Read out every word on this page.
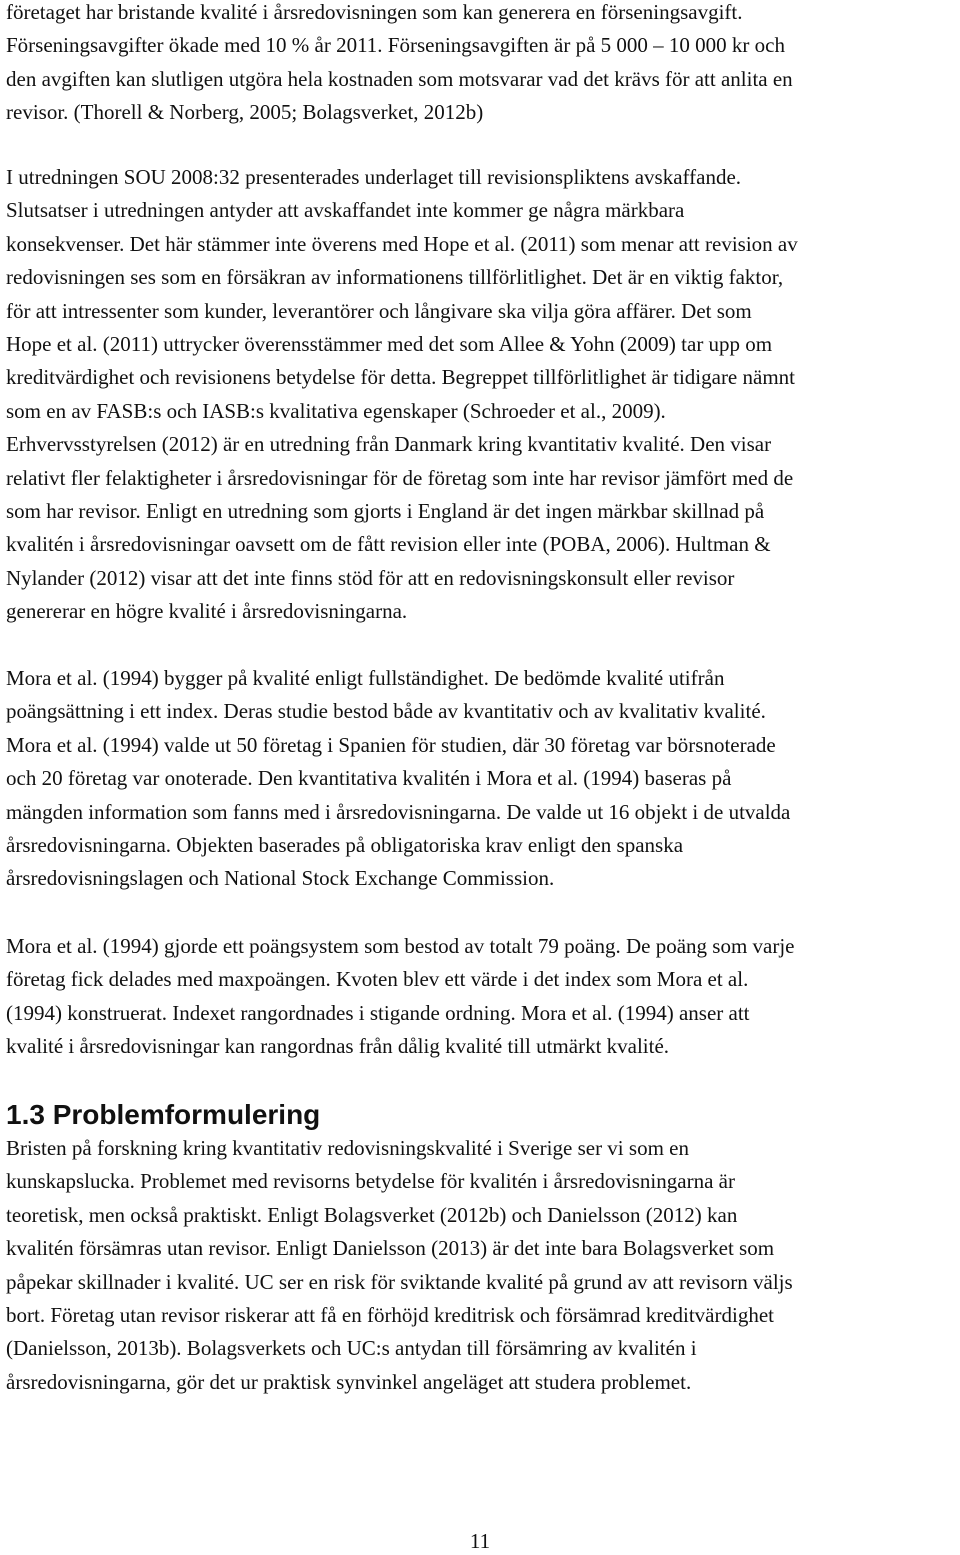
företaget har bristande kvalité i årsredovisningen som kan generera en förseningsavgift.
Förseningsavgifter ökade med 10 % år 2011. Förseningsavgiften är på 5 000 – 10 000 kr och
den avgiften kan slutligen utgöra hela kostnaden som motsvarar vad det krävs för att anlita en
revisor. (Thorell & Norberg, 2005; Bolagsverket, 2012b)

I utredningen SOU 2008:32 presenterades underlaget till revisionspliktens avskaffande.
Slutsatser i utredningen antyder att avskaffandet inte kommer ge några märkbara
konsekvenser. Det här stämmer inte överens med Hope et al. (2011) som menar att revision av
redovisningen ses som en försäkran av informationens tillförlitlighet. Det är en viktig faktor,
för att intressenter som kunder, leverantörer och långivare ska vilja göra affärer. Det som
Hope et al. (2011) uttrycker överensstämmer med det som Allee & Yohn (2009) tar upp om
kreditvärdighet och revisionens betydelse för detta. Begreppet tillförlitlighet är tidigare nämnt
som en av FASB:s och IASB:s kvalitativa egenskaper (Schroeder et al., 2009).
Erhvervsstyrelsen (2012) är en utredning från Danmark kring kvantitativ kvalité. Den visar
relativt fler felaktigheter i årsredovisningar för de företag som inte har revisor jämfört med de
som har revisor. Enligt en utredning som gjorts i England är det ingen märkbar skillnad på
kvalitén i årsredovisningar oavsett om de fått revision eller inte (POBA, 2006). Hultman &
Nylander (2012) visar att det inte finns stöd för att en redovisningskonsult eller revisor
genererar en högre kvalité i årsredovisningarna.

Mora et al. (1994) bygger på kvalité enligt fullständighet. De bedömde kvalité utifrån
poängsättning i ett index. Deras studie bestod både av kvantitativ och av kvalitativ kvalité.
Mora et al. (1994) valde ut 50 företag i Spanien för studien, där 30 företag var börsnoterade
och 20 företag var onoterade. Den kvantitativa kvalitén i Mora et al. (1994) baseras på
mängden information som fanns med i årsredovisningarna. De valde ut 16 objekt i de utvalda
årsredovisningarna. Objekten baserades på obligatoriska krav enligt den spanska
årsredovisningslagen och National Stock Exchange Commission.

Mora et al. (1994) gjorde ett poängsystem som bestod av totalt 79 poäng. De poäng som varje
företag fick delades med maxpoängen. Kvoten blev ett värde i det index som Mora et al.
(1994) konstruerat. Indexet rangordnades i stigande ordning. Mora et al. (1994) anser att
kvalité i årsredovisningar kan rangordnas från dålig kvalité till utmärkt kvalité.

1.3 Problemformulering

Bristen på forskning kring kvantitativ redovisningskvalité i Sverige ser vi som en
kunskapslucka. Problemet med revisorns betydelse för kvalitén i årsredovisningarna är
teoretisk, men också praktiskt. Enligt Bolagsverket (2012b) och Danielsson (2012) kan
kvalitén försämras utan revisor. Enligt Danielsson (2013) är det inte bara Bolagsverket som
påpekar skillnader i kvalité. UC ser en risk för sviktande kvalité på grund av att revisorn väljs
bort. Företag utan revisor riskerar att få en förhöjd kreditrisk och försämrad kreditvärdighet
(Danielsson, 2013b). Bolagsverkets och UC:s antydan till försämring av kvalitén i
årsredovisningarna, gör det ur praktisk synvinkel angeläget att studera problemet.

11
